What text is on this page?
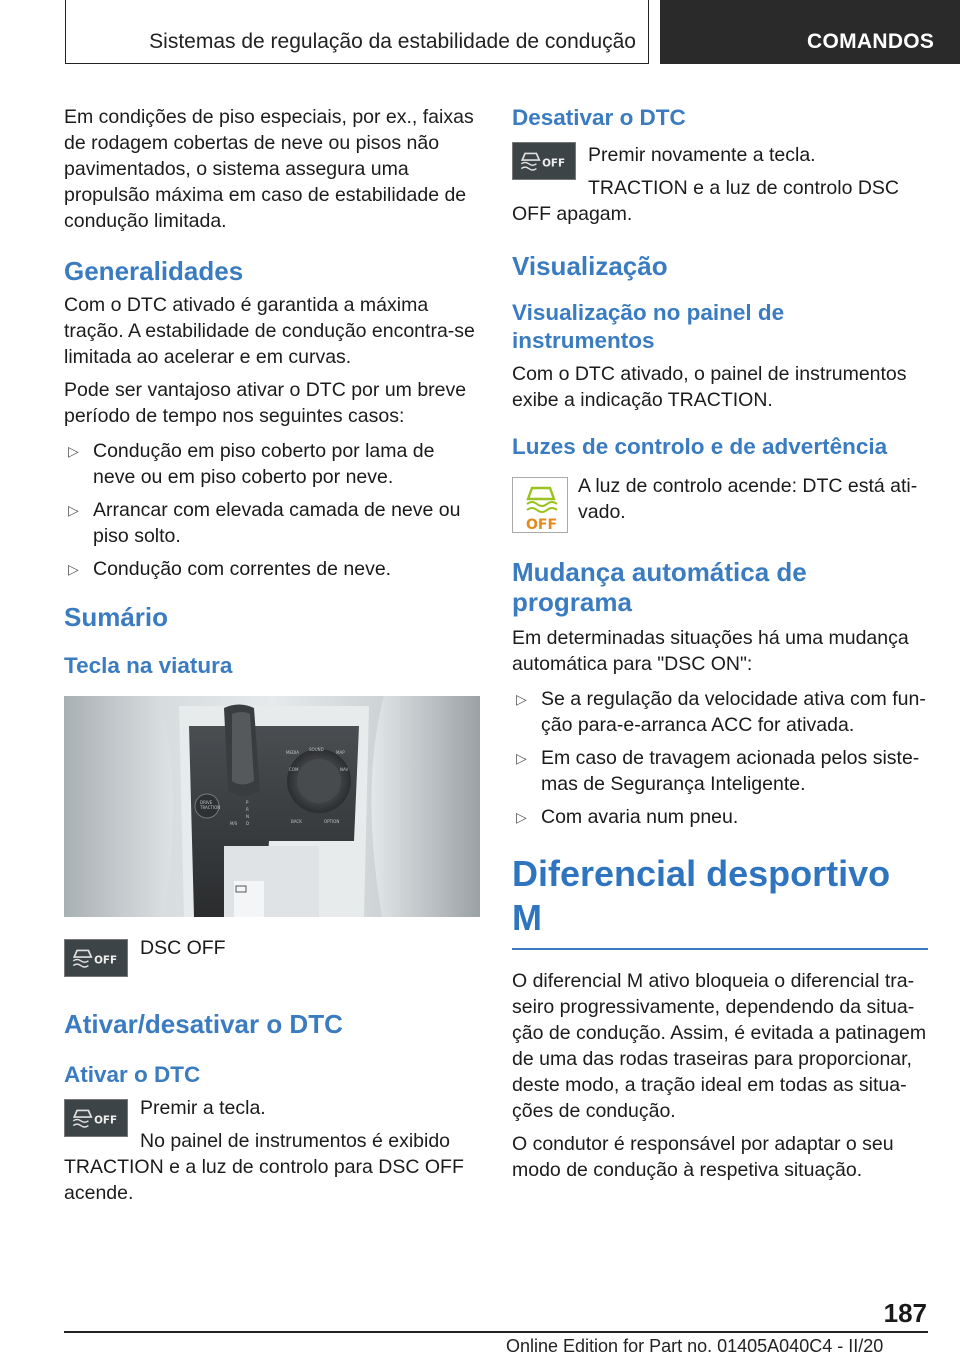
Sistemas de regulação da estabilidade de condução	COMANDOS

Em condições de piso especiais, por ex., faixas de rodagem cobertas de neve ou pisos não pavimentados, o sistema assegura uma propulsão máxima em caso de estabilidade de condução limitada.

Generalidades

Com o DTC ativado é garantida a máxima tração. A estabilidade de condução encontra-se limitada ao acelerar e em curvas.

Pode ser vantajoso ativar o DTC por um breve período de tempo nos seguintes casos:

▷ Condução em piso coberto por lama de neve ou em piso coberto por neve.
▷ Arrancar com elevada camada de neve ou piso solto.
▷ Condução com correntes de neve.
Sumário
Tecla na viatura
MEDIA
SOUND
MAP
COM	NAV
BACK	OPTION
P
R
N
D
M/S
DRIVE
TRACTION
OFF
DSC OFF
Ativar/desativar o DTC
Ativar o DTC
OFF
Premir a tecla.

No painel de instrumentos é exibido TRACTION e a luz de controlo para DSC OFF acende.

Desativar o DTC
OFF	Premir novamente a tecla.

TRACTION e a luz de controlo DSC OFF apagam.

Visualização
Visualização no painel de instrumentos

Com o DTC ativado, o painel de instrumentos exibe a indicação TRACTION.

Luzes de controlo e de advertência
OFF
A luz de controlo acende: DTC está ativado.
Mudança automática de programa

Em determinadas situações há uma mudança automática para "DSC ON":

▷ Se a regulação da velocidade ativa com função para-e-arranca ACC for ativada.
▷ Em caso de travagem acionada pelos sistemas de Segurança Inteligente.
▷ Com avaria num pneu.
Diferencial desportivo M

O diferencial M ativo bloqueia o diferencial traseiro progressivamente, dependendo da situação de condução. Assim, é evitada a patinagem de uma das rodas traseiras para proporcionar, deste modo, a tração ideal em todas as situações de condução.

O condutor é responsável por adaptar o seu modo de condução à respetiva situação.

187
Online Edition for Part no. 01405A040C4 - II/20
